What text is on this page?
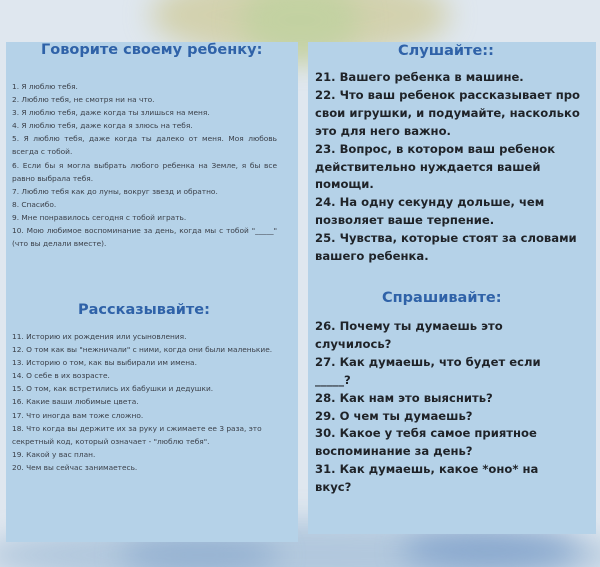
Говорите своему ребенку:
1. Я люблю тебя.
2. Люблю тебя, не смотря ни на что.
3. Я люблю тебя, даже когда ты злишься на меня.
4. Я люблю тебя, даже когда я злюсь на тебя.
5. Я люблю тебя, даже когда ты далеко от меня. Моя любовь всегда с тобой.
6. Если бы я могла выбрать любого ребенка на Земле, я бы все равно выбрала тебя.
7. Люблю тебя как до луны, вокруг звезд и обратно.
8. Спасибо.
9. Мне понравилось сегодня с тобой играть.
10. Мою любимое воспоминание за день, когда мы с тобой "_____" (что вы делали вместе).
Рассказывайте:
11. Историю их рождения или усыновления.
12. О том как вы "нежничали" с ними, когда они были маленькие.
13. Историю о том, как вы выбирали им имена.
14. О себе в их возрасте.
15. О том, как встретились их бабушки и дедушки.
16. Какие ваши любимые цвета.
17. Что иногда вам тоже сложно.
18. Что когда вы держите их за руку и сжимаете ее 3 раза, это секретный код, который означает - "люблю тебя".
19. Какой у вас план.
20. Чем вы сейчас занимаетесь.
Слушайте::
21. Вашего ребенка в машине.
22. Что ваш ребенок рассказывает про свои игрушки, и подумайте, насколько это для него важно.
23. Вопрос, в котором ваш ребенок действительно нуждается вашей помощи.
24. На одну секунду дольше, чем позволяет ваше терпение.
25. Чувства, которые стоят за словами вашего ребенка.
Спрашивайте:
26. Почему ты думаешь это случилось?
27. Как думаешь, что будет если _____?
28. Как нам это выяснить?
29. О чем ты думаешь?
30. Какое у тебя самое приятное воспоминание за день?
31. Как думаешь, какое *оно* на вкус?
